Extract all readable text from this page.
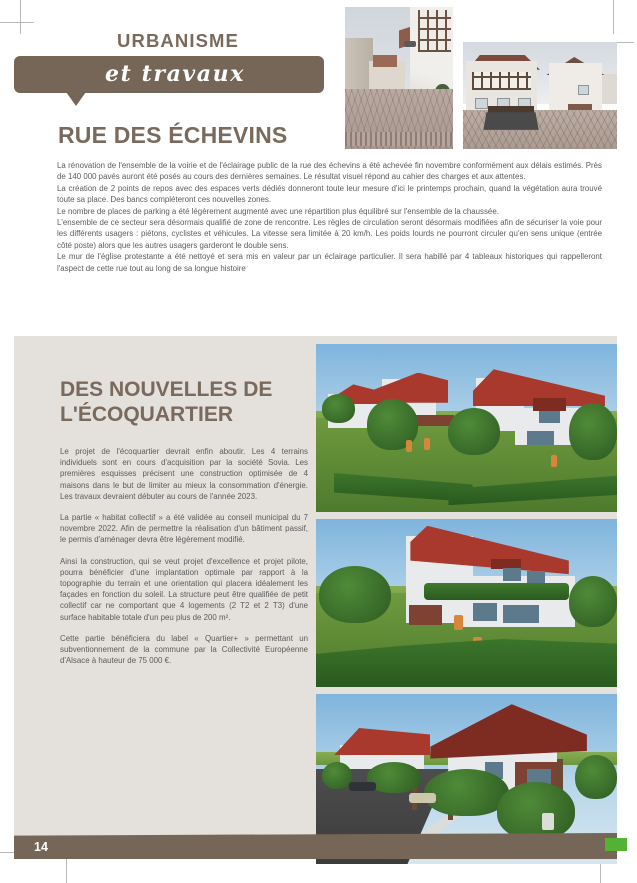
URBANISME
et travaux
RUE DES ÉCHEVINS

La rénovation de l'ensemble de la voirie et de l'éclairage public de la rue des échevins a été achevée fin novembre conformément aux délais estimés. Près de 140 000 pavés auront été posés au cours des dernières semaines. Le résultat visuel répond au cahier des charges et aux attentes.

La création de 2 points de repos avec des espaces verts dédiés donneront toute leur mesure d'ici le printemps prochain, quand la végétation aura trouvé toute sa place. Des bancs compléteront ces nouvelles zones.

Le nombre de places de parking a été légèrement augmenté avec une répartition plus équilibré sur l'ensemble de la chaussée.

L'ensemble de ce secteur sera désormais qualifié de zone de rencontre. Les règles de circulation seront désormais modifiées afin de sécuriser la voie pour les différents usagers : piétons, cyclistes et véhicules. La vitesse sera limitée à 20 km/h. Les poids lourds ne pourront circuler qu'en sens unique (entrée côté poste) alors que les autres usagers garderont le double sens.

Le mur de l'église protestante a été nettoyé et sera mis en valeur par un éclairage particulier. Il sera habillé par 4 tableaux historiques qui rappelleront l'aspect de cette rue tout au long de sa longue histoire

DES NOUVELLES DE L'ÉCOQUARTIER

Le projet de l'écoquartier devrait enfin aboutir. Les 4 terrains individuels sont en cours d'acquisition par la société Sovia. Les premières esquisses précisent une construction optimisée de 4 maisons dans le but de limiter au mieux la consommation d'énergie. Les travaux devraient débuter au cours de l'année 2023.

La partie « habitat collectif » a été validée au conseil municipal du 7 novembre 2022. Afin de permettre la réalisation d'un bâtiment passif, le permis d'aménager devra être légèrement modifié.

Ainsi la construction, qui se veut projet d'excellence et projet pilote, pourra bénéficier d'une implantation optimale par rapport à la topographie du terrain et une orientation qui placera idéalement les façades en fonction du soleil. La structure peut être qualifiée de petit collectif car ne comportant que 4 logements (2 T2 et 2 T3) d'une surface habitable totale d'un peu plus de 200 m².

Cette partie bénéficiera du label « Quartier+ » permettant un subventionnement de la commune par la Collectivité Européenne d'Alsace à hauteur de 75 000 €.

14
